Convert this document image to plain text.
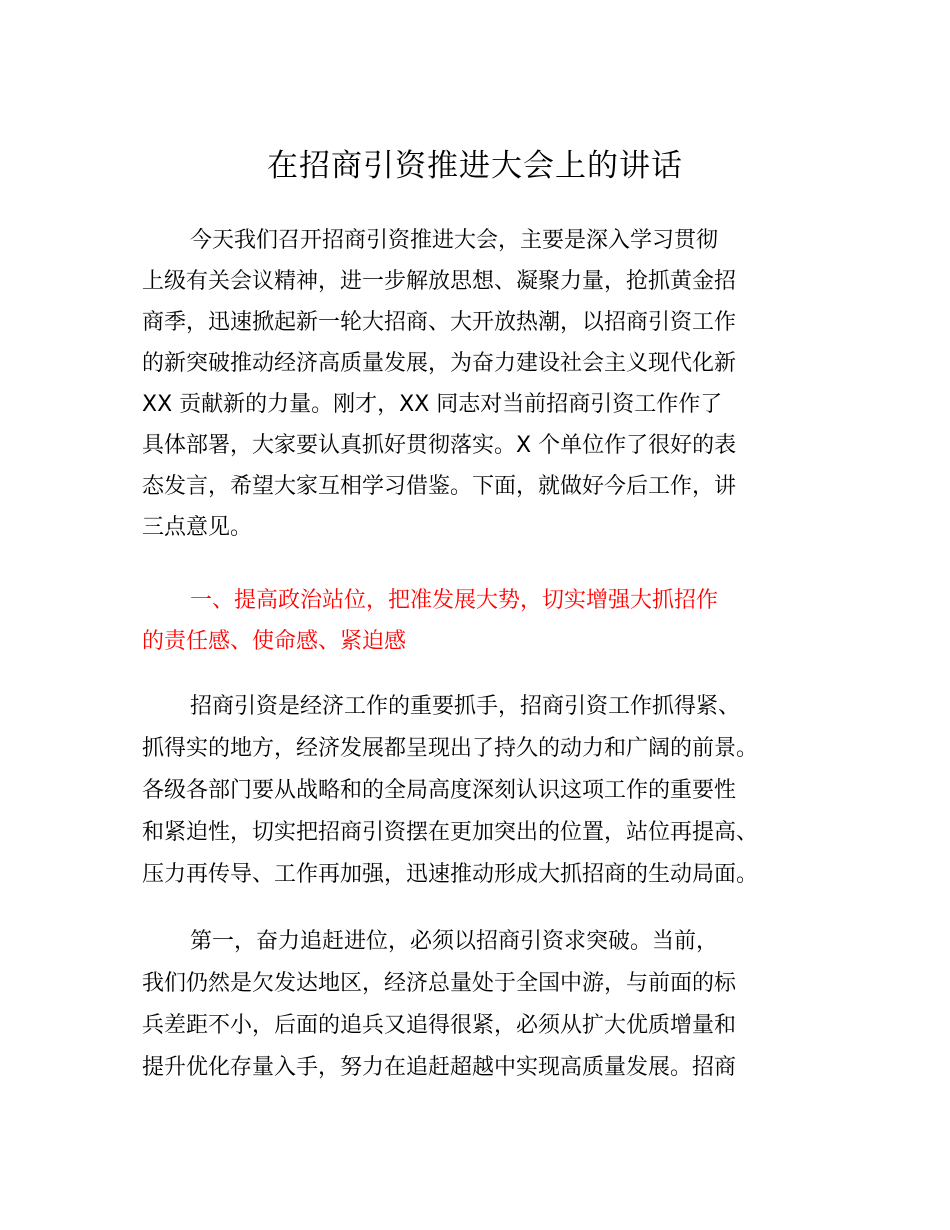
在招商引资推进大会上的讲话

今天我们召开招商引资推进大会，主要是深入学习贯彻

上级有关会议精神，进一步解放思想、凝聚力量，抢抓黄金招

商季，迅速掀起新一轮大招商、大开放热潮，以招商引资工作

的新突破推动经济高质量发展，为奋力建设社会主义现代化新

XX 贡献新的力量。刚才，XX 同志对当前招商引资工作作了

具体部署，大家要认真抓好贯彻落实。X 个单位作了很好的表

态发言，希望大家互相学习借鉴。下面，就做好今后工作，讲

三点意见。

一、提高政治站位，把准发展大势，切实增强大抓招作

的责任感、使命感、紧迫感

招商引资是经济工作的重要抓手，招商引资工作抓得紧、

抓得实的地方，经济发展都呈现出了持久的动力和广阔的前景。

各级各部门要从战略和的全局高度深刻认识这项工作的重要性

和紧迫性，切实把招商引资摆在更加突出的位置，站位再提高、

压力再传导、工作再加强，迅速推动形成大抓招商的生动局面。

第一，奋力追赶进位，必须以招商引资求突破。当前，

我们仍然是欠发达地区，经济总量处于全国中游，与前面的标

兵差距不小，后面的追兵又追得很紧，必须从扩大优质增量和

提升优化存量入手，努力在追赶超越中实现高质量发展。招商
